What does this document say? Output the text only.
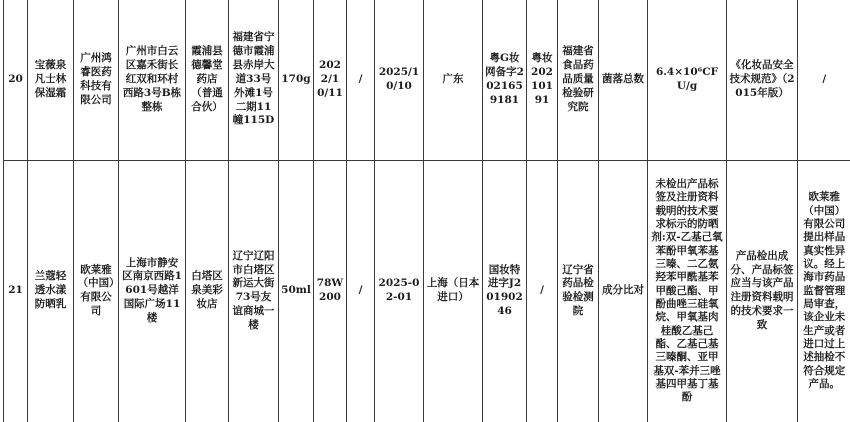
20	宝薇泉凡士林保湿霜	广州鸿睿医药科技有限公司	广州市白云区嘉禾街长红双和环村西路3号B栋整栋	霞浦县德馨堂药店（普通合伙）	福建省宁德市霞浦县赤岸大道33号外滩1号二期11幢115D	170g	2022/10/11	/	2025/10/10	广东	粤G妆网备字2021659181	粤妆20210191	福建省食品药品质量检验研究院	菌落总数	6.4×10⁶CFU/g	《化妆品安全技术规范》（2015年版）	/
21	兰蔻轻透水漾防晒乳	欧莱雅（中国）有限公司	上海市静安区南京西路1601号越洋国际广场11楼	白塔区泉美彩妆店	辽宁辽阳市白塔区新运大街73号友谊商城一楼	50ml	78W200	/	2025-02-01	上海（日本进口）	国妆特进字J20190246	/	辽宁省药品检验检测院	成分比对	未检出产品标签及注册资料载明的技术要求标示的防晒剂:双-乙基己氧苯酚甲氧苯基三嗪、二乙氨羟苯甲酰基苯甲酸己酯、甲酚曲唑三硅氧烷、甲氧基肉桂酸乙基己酯、乙基己基三嗪酮、亚甲基双-苯并三唑基四甲基丁基酚	产品检出成分、产品标签应当与该产品注册资料载明的技术要求一致	欧莱雅（中国）有限公司提出样品真实性异议。经上海市药品监督管理局审查，该企业未生产或者进口过上述抽检不符合规定产品。
